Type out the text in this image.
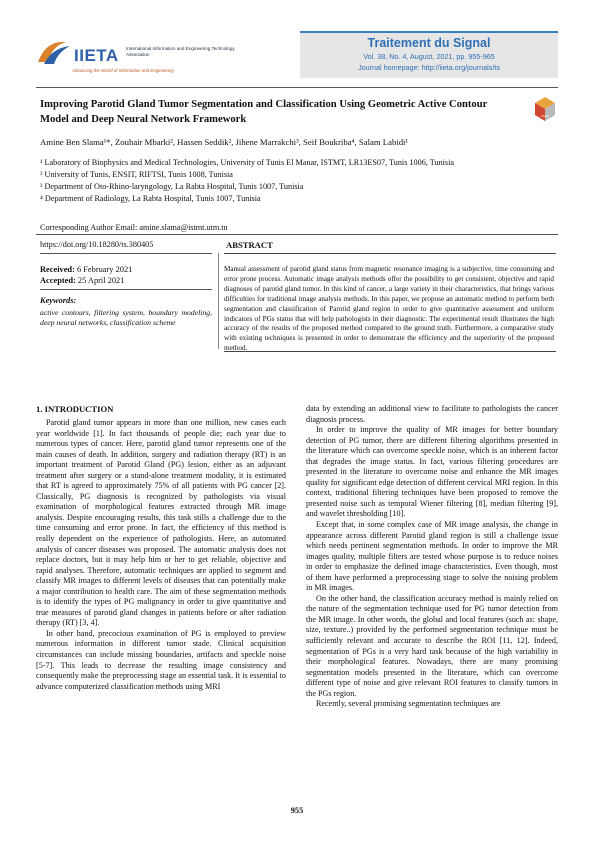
IIETA International Information and Engineering Technology Association
Advancing the World of Information and Engineering
Traitement du Signal
Vol. 38, No. 4, August, 2021, pp. 955-965
Journal homepage: http://iieta.org/journals/ts
Improving Parotid Gland Tumor Segmentation and Classification Using Geometric Active Contour Model and Deep Neural Network Framework	check
Amine Ben Slama¹*, Zouhair Mbarki², Hassen Seddik², Jihene Marrakchi³, Seif Boukriba⁴, Salam Labidi¹
¹ Laboratory of Biophysics and Medical Technologies, University of Tunis El Manar, ISTMT, LR13ES07, Tunis 1006, Tunisia
² University of Tunis, ENSIT, RIFTSI, Tunis 1008, Tunisia
³ Department of Oto-Rhino-laryngology, La Rabta Hospital, Tunis 1007, Tunisia
⁴ Department of Radiology, La Rabta Hospital, Tunis 1007, Tunisia
Corresponding Author Email: amine.slama@istmt.utm.tn
https://doi.org/10.18280/ts.380405	ABSTRACT
Received: 6 February 2021
Accepted: 25 April 2021
Keywords:
active contours, filtering system, boundary modeling, deep neural networks, classification scheme
Manual assessment of parotid gland status from magnetic resonance imaging is a subjective, time consuming and error prone process. Automatic image analysis methods offer the possibility to get consistent, objective and rapid diagnoses of parotid gland tumor. In this kind of cancer, a large variety in their characteristics, that brings various difficulties for traditional image analysis methods. In this paper, we propose an automatic method to perform both segmentation and classification of Parotid gland region in order to give quantitative assessment and uniform indicators of PGs status that will help pathologists in their diagnostic. The experimental result illustrates the high accuracy of the results of the proposed method compared to the ground truth. Furthermore, a comparative study with existing techniques is presented in order to demonstrate the efficiency and the superiority of the proposed method.
1. INTRODUCTION

Parotid gland tumor appears in more than one million, new cases each year worldwide [1]. In fact thousands of people die; each year due to numerous types of cancer. Here, parotid gland tumor represents one of the main causes of death. In addition, surgery and radiation therapy (RT) is an important treatment of Parotid Gland (PG) lesion, either as an adjuvant treatment after surgery or a stand-alone treatment modality, it is estimated that RT is agreed to approximately 75% of all patients with PG cancer [2]. Classically, PG diagnosis is recognized by pathologists via visual examination of morphological features extracted through MR image analysis. Despite encouraging results, this task stills a challenge due to the time consuming and error prone. In fact, the efficiency of this method is really dependent on the experience of pathologists. Here, an automated analysis of cancer diseases was proposed. The automatic analysis does not replace doctors, but it may help him or her to get reliable, objective and rapid analyses. Therefore, automatic techniques are applied to segment and classify MR images to different levels of diseases that can potentially make a major contribution to health care. The aim of these segmentation methods is to identify the types of PG malignancy in order to give quantitative and true measures of parotid gland changes in patients before or after radiation therapy (RT) [3, 4].

In other hand, precocious examination of PG is employed to preview numerous information in different tumor stade. Clinical acquisition circumstances can include missing boundaries, artifacts and speckle noise [5-7]. This leads to decrease the resulting image consistency and consequently make the preprocessing stage an essential task. It is essential to advance computerized classification methods using MRI

data by extending an additional view to facilitate to pathologists the cancer diagnosis process.

In order to improve the quality of MR images for better boundary detection of PG tumor, there are different filtering algorithms presented in the literature which can overcome speckle noise, which is an inherent factor that degrades the image status. In fact, various filtering procedures are presented in the literature to overcome noise and enhance the MR images quality for significant edge detection of different cervical MRI region. In this context, traditional filtering techniques have been proposed to remove the presented noise such as temporal Wiener filtering [8], median filtering [9], and wavelet thresholding [10].

Except that, in some complex case of MR image analysis, the change in appearance across different Parotid gland region is still a challenge issue which needs pertinent segmentation methods. In order to improve the MR images quality, multiple filters are tested whose purpose is to reduce noises in order to emphasize the defined image characteristics. Even though, most of them have performed a preprocessing stage to solve the noising problem in MR images.

On the other hand, the classification accuracy method is mainly relied on the nature of the segmentation technique used for PG tumor detection from the MR image. In other words, the global and local features (such as: shape, size, texture..) provided by the performed segmentation technique must be sufficiently relevant and accurate to describe the ROI [11, 12]. Indeed, segmentation of PGs is a very hard task because of the high variability in their morphological features. Nowadays, there are many promising segmentation models presented in the literature, which can overcome different type of noise and give relevant ROI features to classify tumors in the PGs region.

Recently, several promising segmentation techniques are

955
